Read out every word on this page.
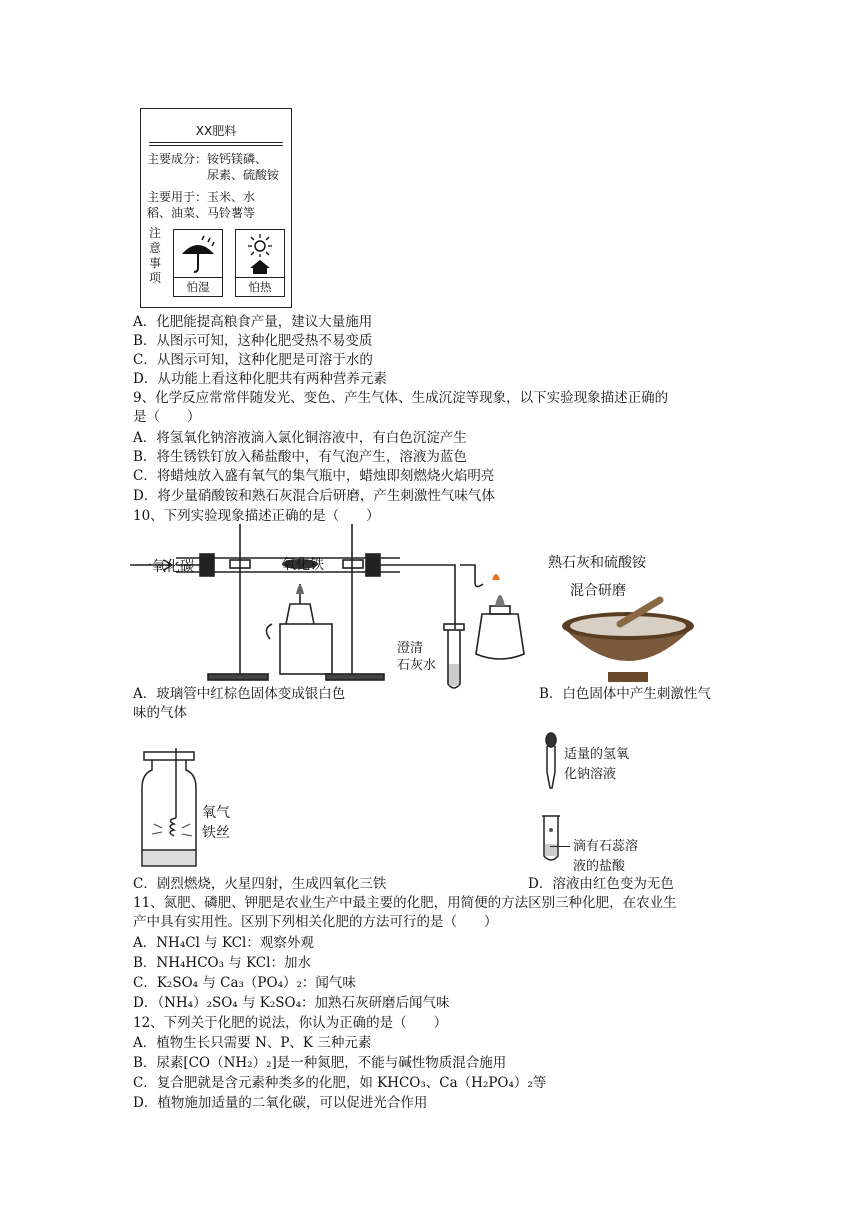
XX肥料
主要成分：铵钙镁磷、
尿素、硫酸铵
主要用于：玉米、水
稻、油菜、马铃薯等
注意事项
怕湿	怕热
A．化肥能提高粮食产量，建议大量施用
B．从图示可知，这种化肥受热不易变质
C．从图示可知，这种化肥是可溶于水的
D．从功能上看这种化肥共有两种营养元素
9、化学反应常常伴随发光、变色、产生气体、生成沉淀等现象，以下实验现象描述正确的
是（　　）
A．将氢氧化钠溶液滴入氯化铜溶液中，有白色沉淀产生
B．将生锈铁钉放入稀盐酸中，有气泡产生，溶液为蓝色
C．将蜡烛放入盛有氧气的集气瓶中，蜡烛即刻燃烧火焰明亮
D．将少量硝酸铵和熟石灰混合后研磨，产生刺激性气味气体
10、下列实验现象描述正确的是（　　）
一氧化碳	氧化铁
澄清
石灰水
熟石灰和硫酸铵
混合研磨
A．玻璃管中红棕色固体变成银白色
味的气体
B．白色固体中产生刺激性气
氧气
铁丝
适量的氢氧
化钠溶液
滴有石蕊溶
液的盐酸
C．剧烈燃烧，火星四射，生成四氧化三铁	D．溶液由红色变为无色
11、氮肥、磷肥、钾肥是农业生产中最主要的化肥，用简便的方法区别三种化肥，在农业生
产中具有实用性。区别下列相关化肥的方法可行的是（　　）
A．NH₄Cl 与 KCl：观察外观
B．NH₄HCO₃ 与 KCl：加水
C．K₂SO₄ 与 Ca₃（PO₄）₂：闻气味
D．（NH₄）₂SO₄ 与 K₂SO₄：加熟石灰研磨后闻气味
12、下列关于化肥的说法，你认为正确的是（　　）
A．植物生长只需要 N、P、K 三种元素
B．尿素[CO（NH₂）₂]是一种氮肥，不能与碱性物质混合施用
C．复合肥就是含元素种类多的化肥，如 KHCO₃、Ca（H₂PO₄）₂等
D．植物施加适量的二氧化碳，可以促进光合作用
